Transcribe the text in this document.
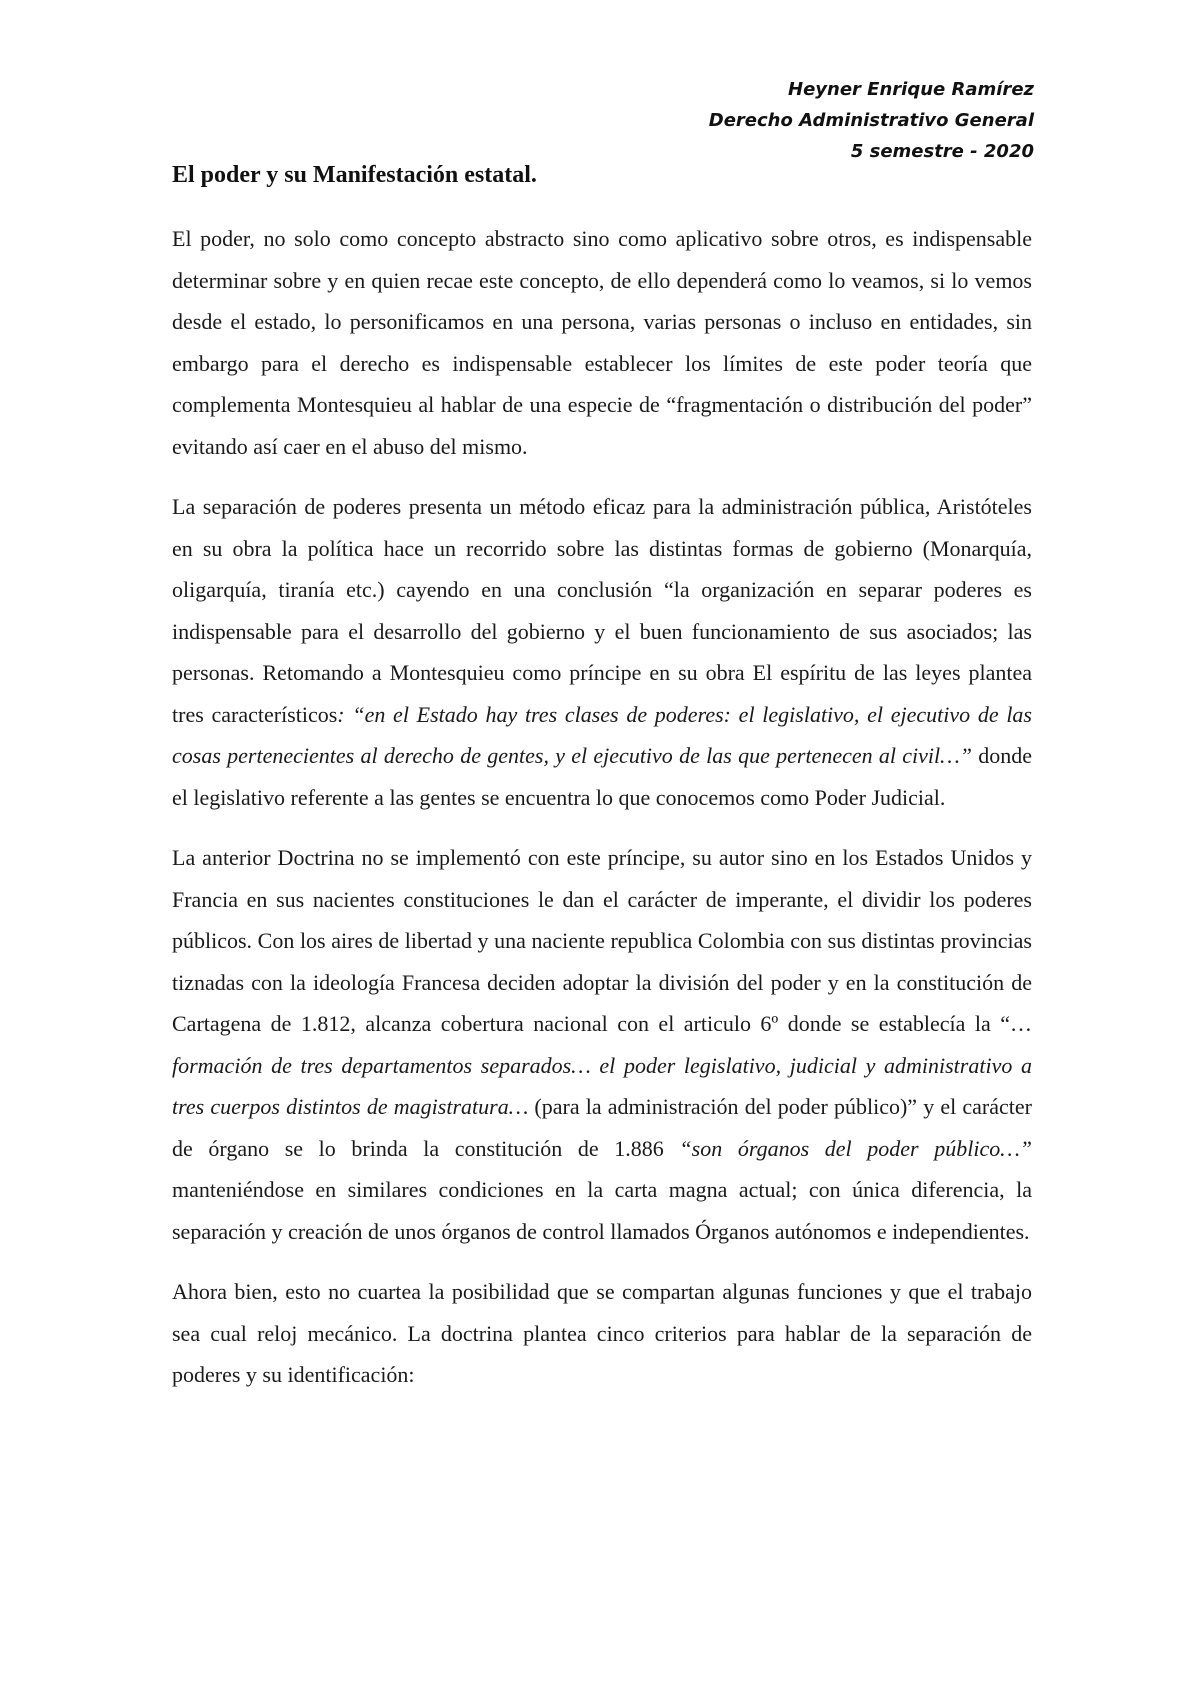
Heyner Enrique Ramírez
Derecho Administrativo General
5 semestre - 2020
El poder y su Manifestación estatal.

El poder, no solo como concepto abstracto sino como aplicativo sobre otros, es indispensable determinar sobre y en quien recae este concepto, de ello dependerá como lo veamos, si lo vemos desde el estado, lo personificamos en una persona, varias personas o incluso en entidades, sin embargo para el derecho es indispensable establecer los límites de este poder teoría que complementa Montesquieu al hablar de una especie de “fragmentación o distribución del poder” evitando así caer en el abuso del mismo.

La separación de poderes presenta un método eficaz para la administración pública, Aristóteles en su obra la política hace un recorrido sobre las distintas formas de gobierno (Monarquía, oligarquía, tiranía etc.) cayendo en una conclusión “la organización en separar poderes es indispensable para el desarrollo del gobierno y el buen funcionamiento de sus asociados; las personas. Retomando a Montesquieu como príncipe en su obra El espíritu de las leyes plantea tres característicos: “en el Estado hay tres clases de poderes: el legislativo, el ejecutivo de las cosas pertenecientes al derecho de gentes, y el ejecutivo de las que pertenecen al civil…” donde el legislativo referente a las gentes se encuentra lo que conocemos como Poder Judicial.

La anterior Doctrina no se implementó con este príncipe, su autor sino en los Estados Unidos y Francia en sus nacientes constituciones le dan el carácter de imperante, el dividir los poderes públicos. Con los aires de libertad y una naciente republica Colombia con sus distintas provincias tiznadas con la ideología Francesa deciden adoptar la división del poder y en la constitución de Cartagena de 1.812, alcanza cobertura nacional con el articulo 6º donde se establecía la “…formación de tres departamentos separados… el poder legislativo, judicial y administrativo a tres cuerpos distintos de magistratura… (para la administración del poder público)” y el carácter de órgano se lo brinda la constitución de 1.886 “son órganos del poder público…” manteniéndose en similares condiciones en la carta magna actual; con única diferencia, la separación y creación de unos órganos de control llamados Órganos autónomos e independientes.

Ahora bien, esto no cuartea la posibilidad que se compartan algunas funciones y que el trabajo sea cual reloj mecánico. La doctrina plantea cinco criterios para hablar de la separación de poderes y su identificación:
